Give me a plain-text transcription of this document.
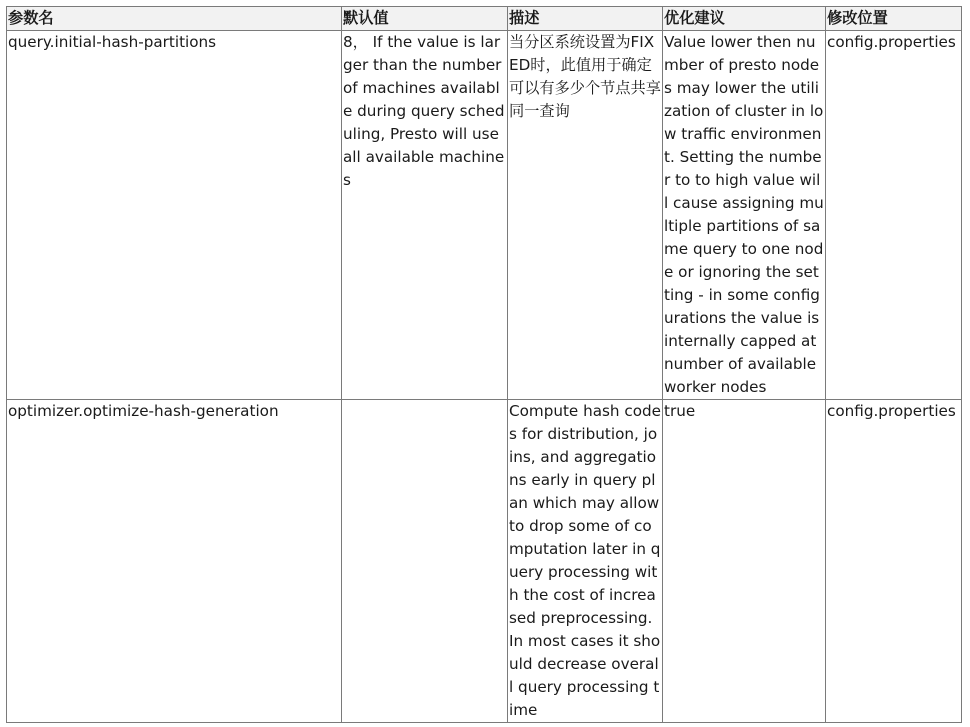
参数名	默认值	描述	优化建议	修改位置
query.initial-hash-partitions	8， If the value is larger than the number of machines available during query scheduling, Presto will use all available machines	当分区系统设置为FIXED时，此值用于确定可以有多少个节点共享同一查询	Value lower then number of presto nodes may lower the utilization of cluster in low traffic environment. Setting the number to to high value will cause assigning multiple partitions of same query to one node or ignoring the setting - in some configurations the value is internally capped at number of available worker nodes	config.properties
optimizer.optimize-hash-generation		Compute hash codes for distribution, joins, and aggregations early in query plan which may allow to drop some of computation later in query processing with the cost of increased preprocessing. In most cases it should decrease overall query processing time	true	config.properties
